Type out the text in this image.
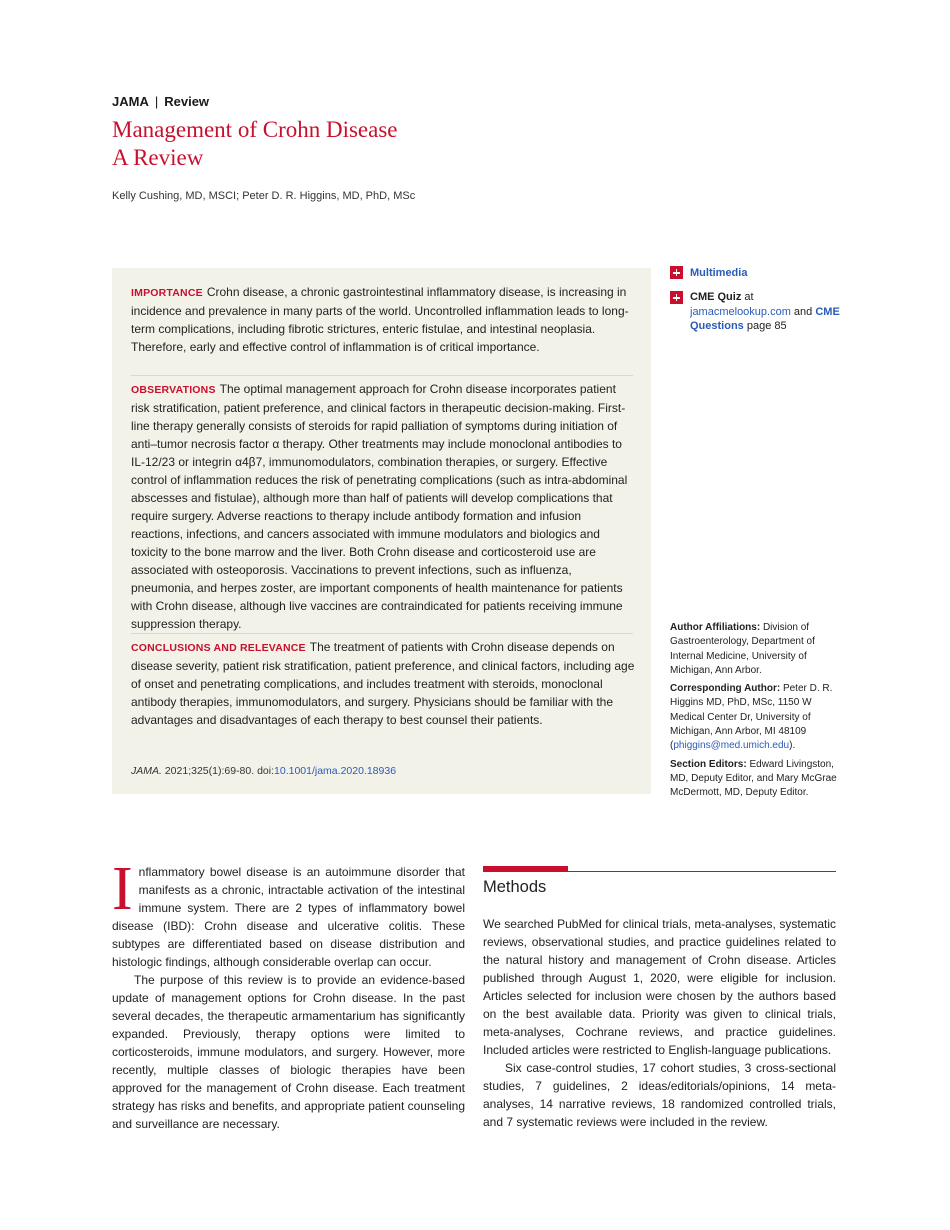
JAMA | Review
Management of Crohn Disease
A Review
Kelly Cushing, MD, MSCI; Peter D. R. Higgins, MD, PhD, MSc
IMPORTANCE Crohn disease, a chronic gastrointestinal inflammatory disease, is increasing in incidence and prevalence in many parts of the world. Uncontrolled inflammation leads to long-term complications, including fibrotic strictures, enteric fistulae, and intestinal neoplasia. Therefore, early and effective control of inflammation is of critical importance.
OBSERVATIONS The optimal management approach for Crohn disease incorporates patient risk stratification, patient preference, and clinical factors in therapeutic decision-making. First-line therapy generally consists of steroids for rapid palliation of symptoms during initiation of anti–tumor necrosis factor α therapy. Other treatments may include monoclonal antibodies to IL-12/23 or integrin α4β7, immunomodulators, combination therapies, or surgery. Effective control of inflammation reduces the risk of penetrating complications (such as intra-abdominal abscesses and fistulae), although more than half of patients will develop complications that require surgery. Adverse reactions to therapy include antibody formation and infusion reactions, infections, and cancers associated with immune modulators and biologics and toxicity to the bone marrow and the liver. Both Crohn disease and corticosteroid use are associated with osteoporosis. Vaccinations to prevent infections, such as influenza, pneumonia, and herpes zoster, are important components of health maintenance for patients with Crohn disease, although live vaccines are contraindicated for patients receiving immune suppression therapy.
CONCLUSIONS AND RELEVANCE The treatment of patients with Crohn disease depends on disease severity, patient risk stratification, patient preference, and clinical factors, including age of onset and penetrating complications, and includes treatment with steroids, monoclonal antibody therapies, immunomodulators, and surgery. Physicians should be familiar with the advantages and disadvantages of each therapy to best counsel their patients.
JAMA. 2021;325(1):69-80. doi:10.1001/jama.2020.18936
Multimedia
CME Quiz at
jamacmelookup.com and CME Questions page 85

Author Affiliations: Division of Gastroenterology, Department of Internal Medicine, University of Michigan, Ann Arbor.

Corresponding Author: Peter D. R. Higgins MD, PhD, MSc, 1150 W Medical Center Dr, University of Michigan, Ann Arbor, MI 48109 (phiggins@med.umich.edu).

Section Editors: Edward Livingston, MD, Deputy Editor, and Mary McGrae McDermott, MD, Deputy Editor.

Inflammatory bowel disease is an autoimmune disorder that manifests as a chronic, intractable activation of the intestinal immune system. There are 2 types of inflammatory bowel disease (IBD): Crohn disease and ulcerative colitis. These subtypes are differentiated based on disease distribution and histologic findings, although considerable overlap can occur.

The purpose of this review is to provide an evidence-based update of management options for Crohn disease. In the past several decades, the therapeutic armamentarium has significantly expanded. Previously, therapy options were limited to corticosteroids, immune modulators, and surgery. However, more recently, multiple classes of biologic therapies have been approved for the management of Crohn disease. Each treatment strategy has risks and benefits, and appropriate patient counseling and surveillance are necessary.

Methods

We searched PubMed for clinical trials, meta-analyses, systematic reviews, observational studies, and practice guidelines related to the natural history and management of Crohn disease. Articles published through August 1, 2020, were eligible for inclusion. Articles selected for inclusion were chosen by the authors based on the best available data. Priority was given to clinical trials, meta-analyses, Cochrane reviews, and practice guidelines. Included articles were restricted to English-language publications.

Six case-control studies, 17 cohort studies, 3 cross-sectional studies, 7 guidelines, 2 ideas/editorials/opinions, 14 meta-analyses, 14 narrative reviews, 18 randomized controlled trials, and 7 systematic reviews were included in the review.
